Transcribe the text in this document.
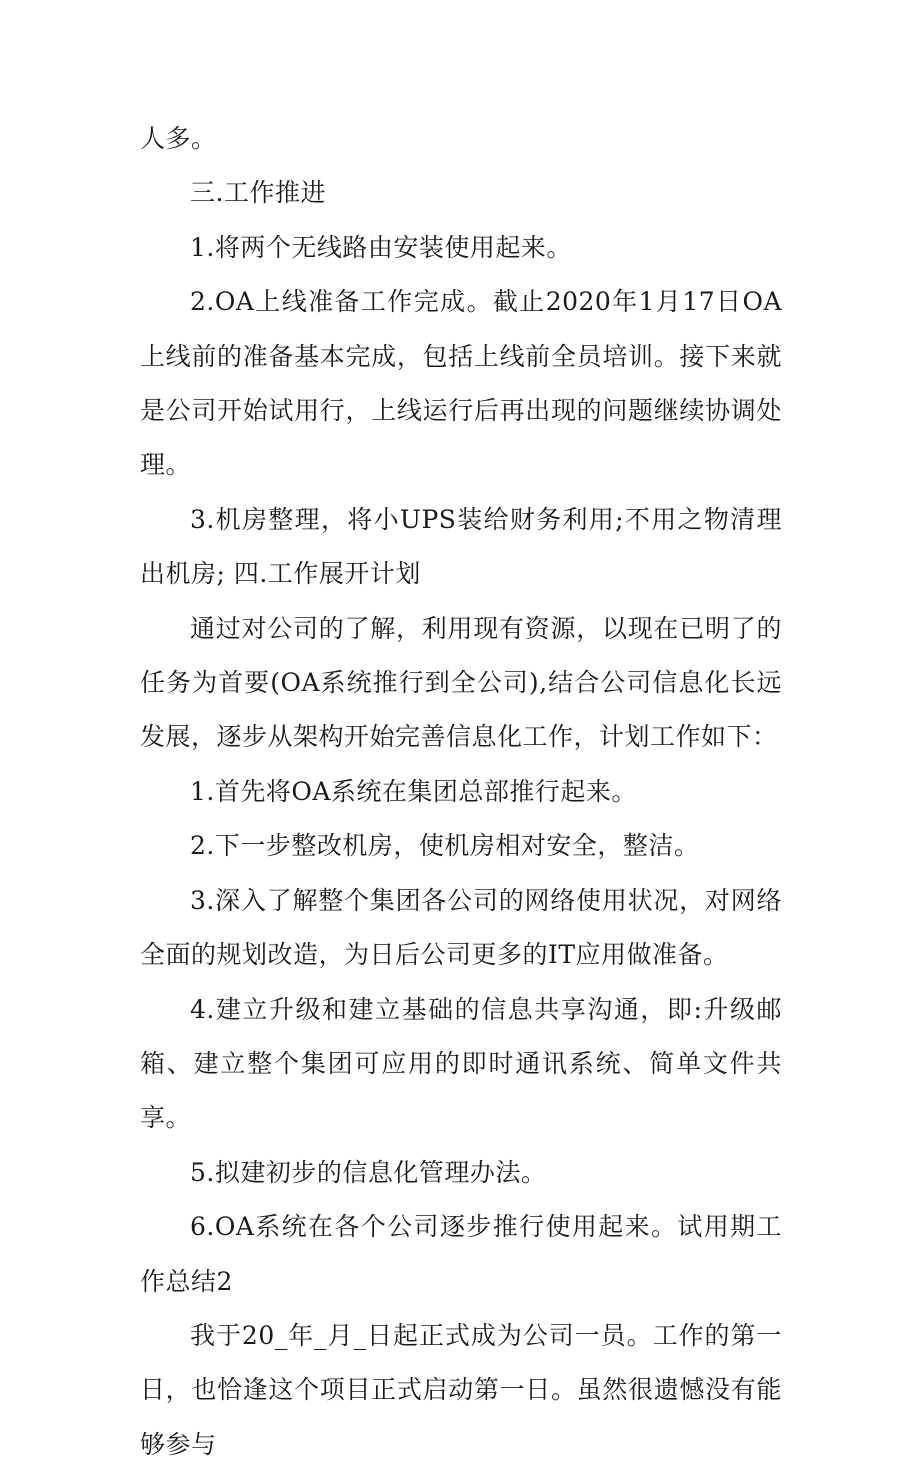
人多。

三.工作推进

1.将两个无线路由安装使用起来。

2.OA上线准备工作完成。截止2020年1月17日OA上线前的准备基本完成，包括上线前全员培训。接下来就是公司开始试用行，上线运行后再出现的问题继续协调处理。

3.机房整理，将小UPS装给财务利用;不用之物清理出机房; 四.工作展开计划

通过对公司的了解，利用现有资源，以现在已明了的任务为首要(OA系统推行到全公司),结合公司信息化长远发展，逐步从架构开始完善信息化工作，计划工作如下：

1.首先将OA系统在集团总部推行起来。

2.下一步整改机房，使机房相对安全，整洁。

3.深入了解整个集团各公司的网络使用状况，对网络全面的规划改造，为日后公司更多的IT应用做准备。

4.建立升级和建立基础的信息共享沟通，即:升级邮箱、建立整个集团可应用的即时通讯系统、简单文件共享。

5.拟建初步的信息化管理办法。

6.OA系统在各个公司逐步推行使用起来。试用期工作总结2

我于20_年_月_日起正式成为公司一员。工作的第一日，也恰逢这个项目正式启动第一日。虽然很遗憾没有能够参与
